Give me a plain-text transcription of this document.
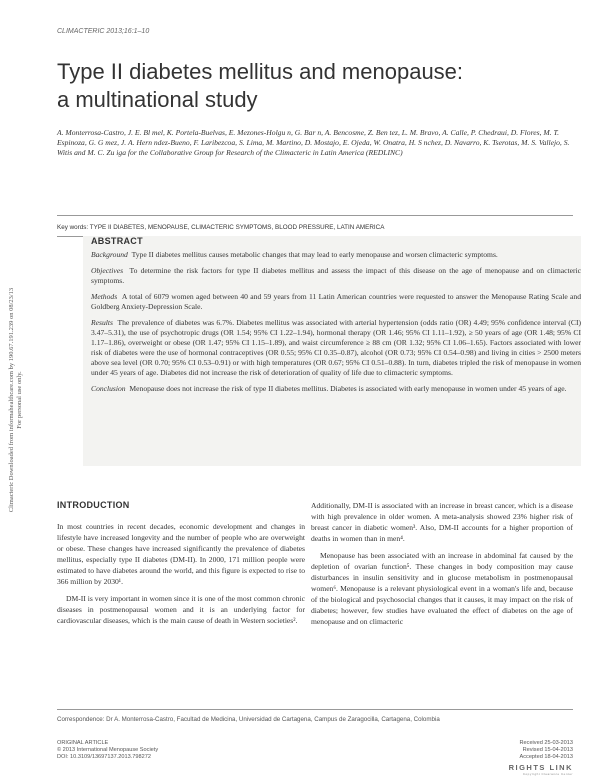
CLIMACTERIC 2013;16:1–10
Type II diabetes mellitus and menopause:
a multinational study
A. Monterrosa-Castro, J. E. Bl mel, K. Portela-Buelvas, E. Mezones-Holgu n, G. Bar n, A. Bencosme, Z. Ben tez, L. M. Bravo, A. Calle, P. Chedraui, D. Flores, M. T. Espinoza, G. G mez, J. A. Hern ndez-Bueno, F. Laribezcoa, S. Lima, M. Martino, D. Mostajo, E. Ojeda, W. Onatra, H. S nchez, D. Navarro, K. Tserotas, M. S. Vallejo, S. Witis and M. C. Zu iga for the Collaborative Group for Research of the Climacteric in Latin America (REDLINC)
Key words: TYPE II DIABETES, MENOPAUSE, CLIMACTERIC SYMPTOMS, BLOOD PRESSURE, LATIN AMERICA
Climacteric Downloaded from informahealthcare.com by 190.67.191.239 on 08/23/13 For personal use only.
ABSTRACT

Background Type II diabetes mellitus causes metabolic changes that may lead to early menopause and worsen climacteric symptoms.

Objectives To determine the risk factors for type II diabetes mellitus and assess the impact of this disease on the age of menopause and on climacteric symptoms.

Methods A total of 6079 women aged between 40 and 59 years from 11 Latin American countries were requested to answer the Menopause Rating Scale and Goldberg Anxiety-Depression Scale.

Results The prevalence of diabetes was 6.7%. Diabetes mellitus was associated with arterial hypertension (odds ratio (OR) 4.49; 95% confidence interval (CI) 3.47–5.31), the use of psychotropic drugs (OR 1.54; 95% CI 1.22–1.94), hormonal therapy (OR 1.46; 95% CI 1.11–1.92), ≥ 50 years of age (OR 1.48; 95% CI 1.17–1.86), overweight or obese (OR 1.47; 95% CI 1.15–1.89), and waist circumference ≥ 88 cm (OR 1.32; 95% CI 1.06–1.65). Factors associated with lower risk of diabetes were the use of hormonal contraceptives (OR 0.55; 95% CI 0.35–0.87), alcohol (OR 0.73; 95% CI 0.54–0.98) and living in cities > 2500 meters above sea level (OR 0.70; 95% CI 0.53–0.91) or with high temperatures (OR 0.67; 95% CI 0.51–0.88). In turn, diabetes tripled the risk of menopause in women under 45 years of age. Diabetes did not increase the risk of deterioration of quality of life due to climacteric symptoms.

Conclusion Menopause does not increase the risk of type II diabetes mellitus. Diabetes is associated with early menopause in women under 45 years of age.

INTRODUCTION

In most countries in recent decades, economic development and changes in lifestyle have increased longevity and the number of people who are overweight or obese. These changes have increased significantly the prevalence of diabetes mellitus, especially type II diabetes (DM-II). In 2000, 171 million people were estimated to have diabetes around the world, and this figure is expected to rise to 366 million by 2030¹.

DM-II is very important in women since it is one of the most common chronic diseases in postmenopausal women and it is an underlying factor for cardiovascular diseases, which is the main cause of death in Western societies².

Additionally, DM-II is associated with an increase in breast cancer, which is a disease with high prevalence in older women. A meta-analysis showed 23% higher risk of breast cancer in diabetic women³. Also, DM-II accounts for a higher proportion of deaths in women than in men⁴.

Menopause has been associated with an increase in abdominal fat caused by the depletion of ovarian function⁵. These changes in body composition may cause disturbances in insulin sensitivity and in glucose metabolism in postmenopausal women⁶. Menopause is a relevant physiological event in a woman's life and, because of the biological and psychosocial changes that it causes, it may impact on the risk of diabetes; however, few studies have evaluated the effect of diabetes on the age of menopause and on climacteric

Correspondence: Dr A. Monterrosa-Castro, Facultad de Medicina, Universidad de Cartagena, Campus de Zaragocilla, Cartagena, Colombia
ORIGINAL ARTICLE
© 2013 International Menopause Society
DOI: 10.3109/13697137.2013.798272
Received 25-03-2013
Revised 15-04-2013
Accepted 18-04-2013
RIGHTS LINK
Copyright Clearance Center
